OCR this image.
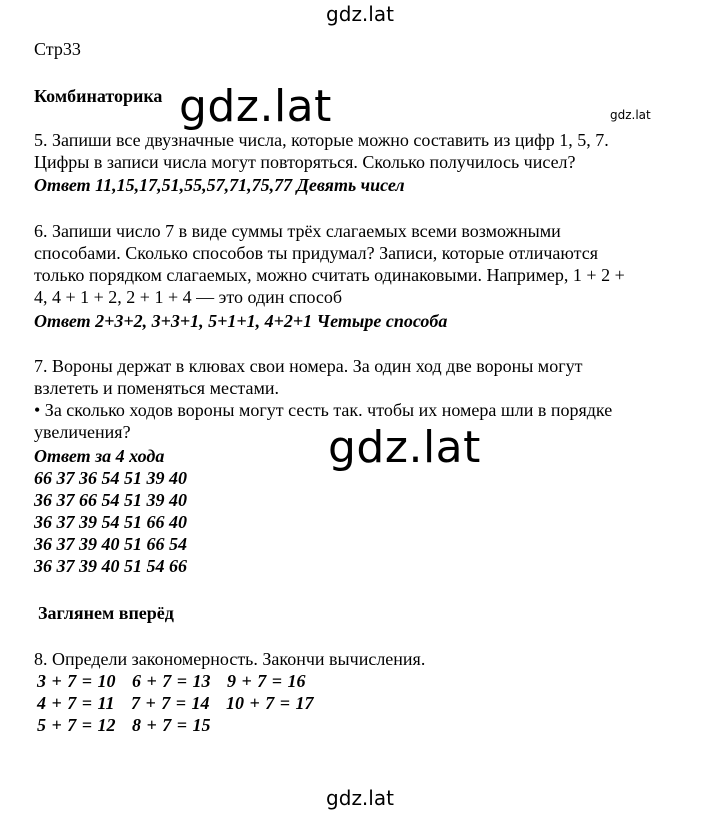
gdz.lat
Стр33
Комбинаторика gdz.lat	gdz.lat
5. Запиши все двузначные числа, которые можно составить из цифр 1, 5, 7.
Цифры в записи числа могут повторяться. Сколько получилось чисел?
Ответ 11,15,17,51,55,57,71,75,77 Девять чисел
6. Запиши число 7 в виде суммы трёх слагаемых всеми возможными
способами. Сколько способов ты придумал? Записи, которые отличаются
только порядком слагаемых, можно считать одинаковыми. Например, 1 + 2 +
4, 4 + 1 + 2, 2 + 1 + 4 — это один способ
Ответ 2+3+2, 3+3+1, 5+1+1, 4+2+1 Четыре способа
7. Вороны держат в клювах свои номера. За один ход две вороны могут
взлететь и поменяться местами.
• За сколько ходов вороны могут сесть так. чтобы их номера шли в порядке
увеличения?
Ответ за 4 хода
66 37 36 54 51 39 40
36 37 66 54 51 39 40
36 37 39 54 51 66 40
36 37 39 40 51 66 54
36 37 39 40 51 54 66
gdz.lat
Заглянем вперёд
8. Определи закономерность. Закончи вычисления.
3 + 7 = 10   6 + 7 = 13   9 + 7 = 16
4 + 7 = 11   7 + 7 = 14   10 + 7 = 17
5 + 7 = 12   8 + 7 = 15
gdz.lat
